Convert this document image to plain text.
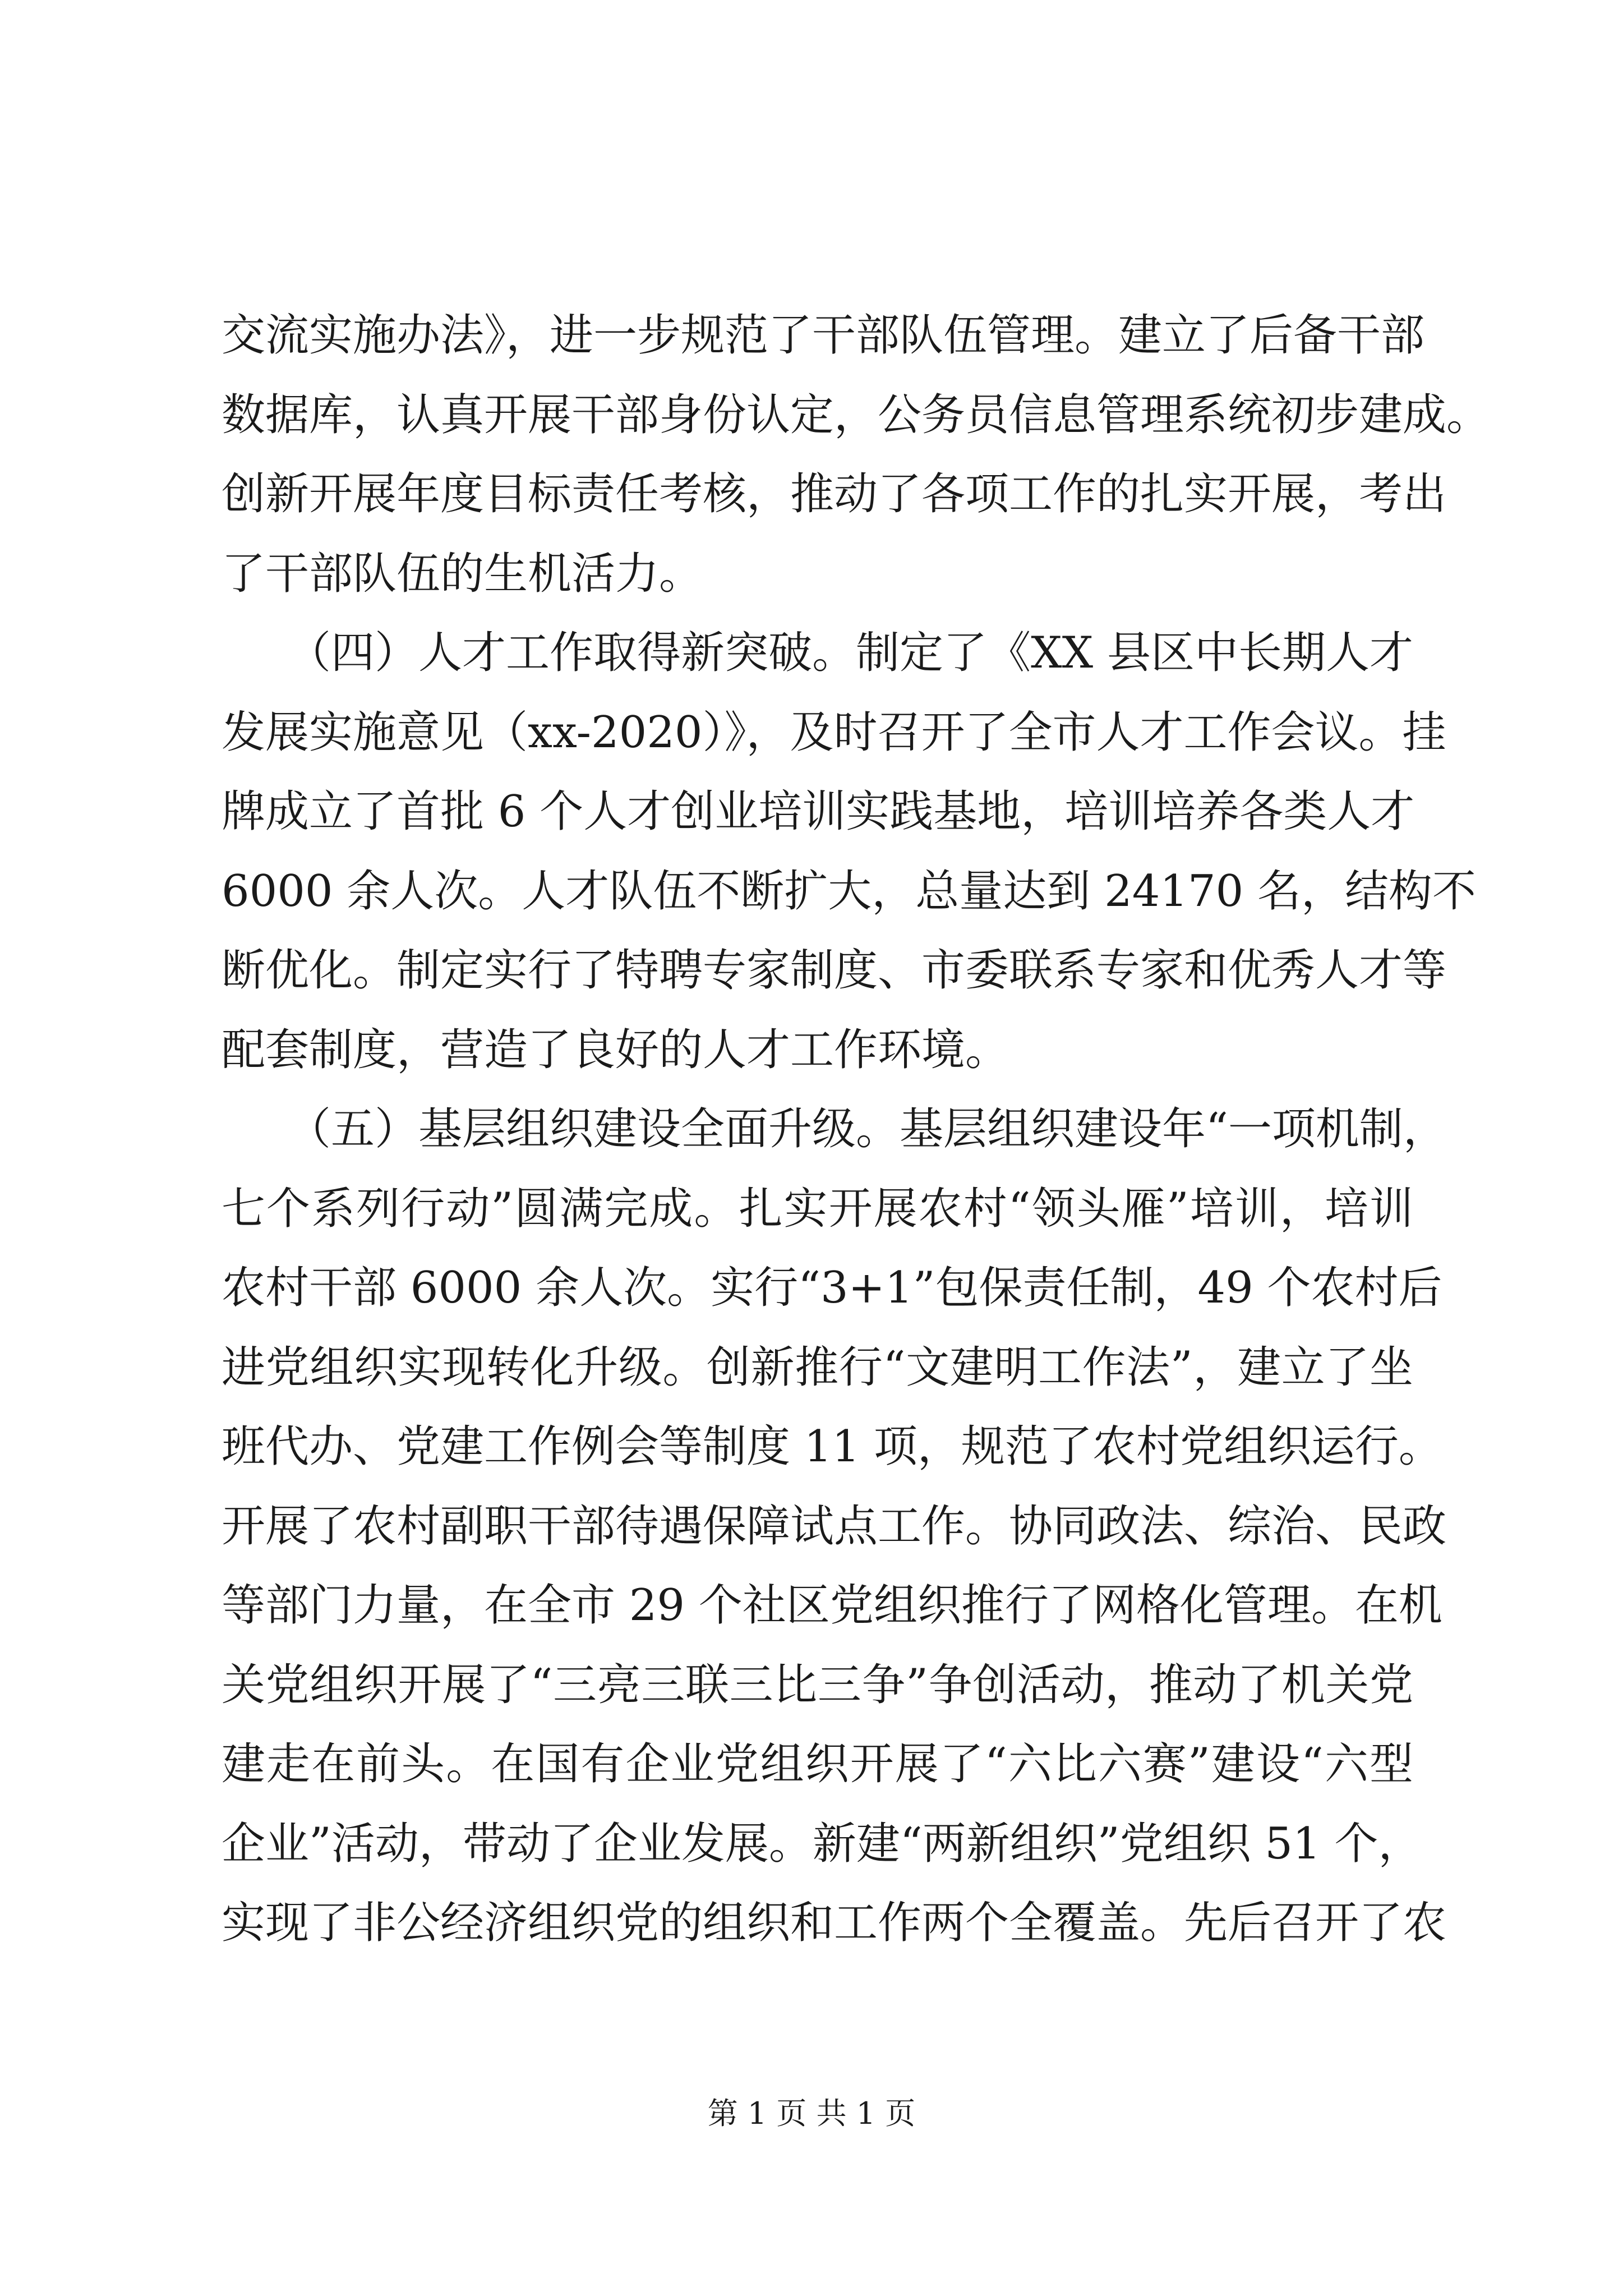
交流实施办法》，进一步规范了干部队伍管理。建立了后备干部
数据库，认真开展干部身份认定，公务员信息管理系统初步建成。
创新开展年度目标责任考核，推动了各项工作的扎实开展，考出
了干部队伍的生机活力。
　　（四）人才工作取得新突破。制定了《XX 县区中长期人才
发展实施意见（xx-2020）》，及时召开了全市人才工作会议。挂
牌成立了首批 6 个人才创业培训实践基地，培训培养各类人才
6000 余人次。人才队伍不断扩大，总量达到 24170 名，结构不
断优化。制定实行了特聘专家制度、市委联系专家和优秀人才等
配套制度，营造了良好的人才工作环境。
　　（五）基层组织建设全面升级。基层组织建设年“一项机制，
七个系列行动”圆满完成。扎实开展农村“领头雁”培训，培训
农村干部 6000 余人次。实行“3+1”包保责任制，49 个农村后
进党组织实现转化升级。创新推行“文建明工作法”，建立了坐
班代办、党建工作例会等制度 11 项，规范了农村党组织运行。
开展了农村副职干部待遇保障试点工作。协同政法、综治、民政
等部门力量，在全市 29 个社区党组织推行了网格化管理。在机
关党组织开展了“三亮三联三比三争”争创活动，推动了机关党
建走在前头。在国有企业党组织开展了“六比六赛”建设“六型
企业”活动，带动了企业发展。新建“两新组织”党组织 51 个，
实现了非公经济组织党的组织和工作两个全覆盖。先后召开了农
第 1 页 共 1 页
